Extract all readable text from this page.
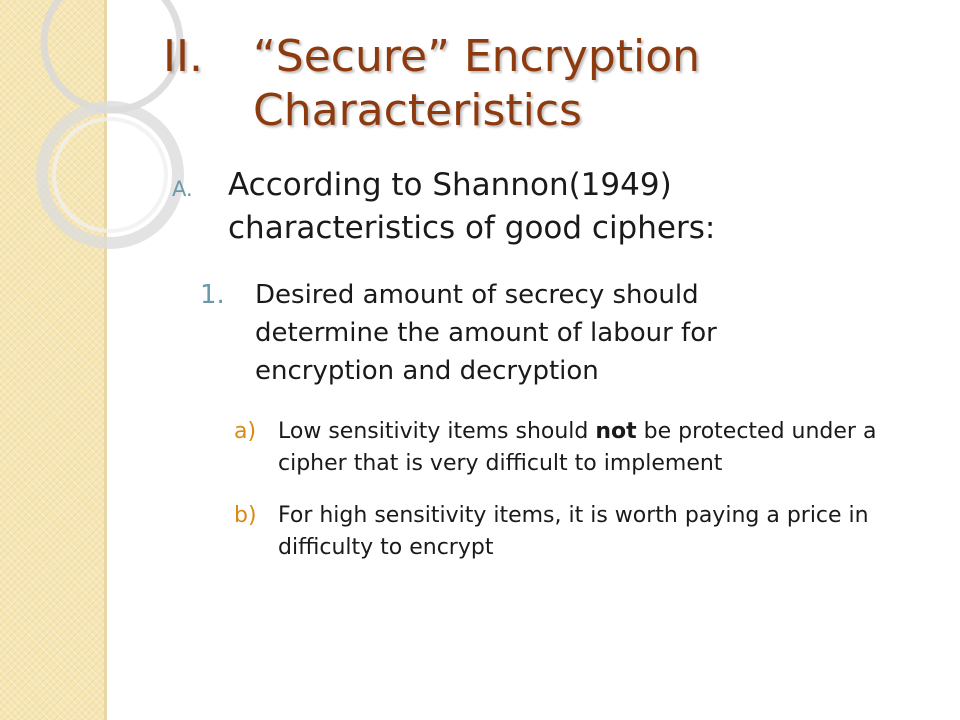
II. “Secure” Encryption Characteristics
A. According to Shannon(1949) characteristics of good ciphers:
1. Desired amount of secrecy should determine the amount of labour for encryption and decryption
a) Low sensitivity items should not be protected under a cipher that is very difficult to implement
b) For high sensitivity items, it is worth paying a price in difficulty to encrypt
